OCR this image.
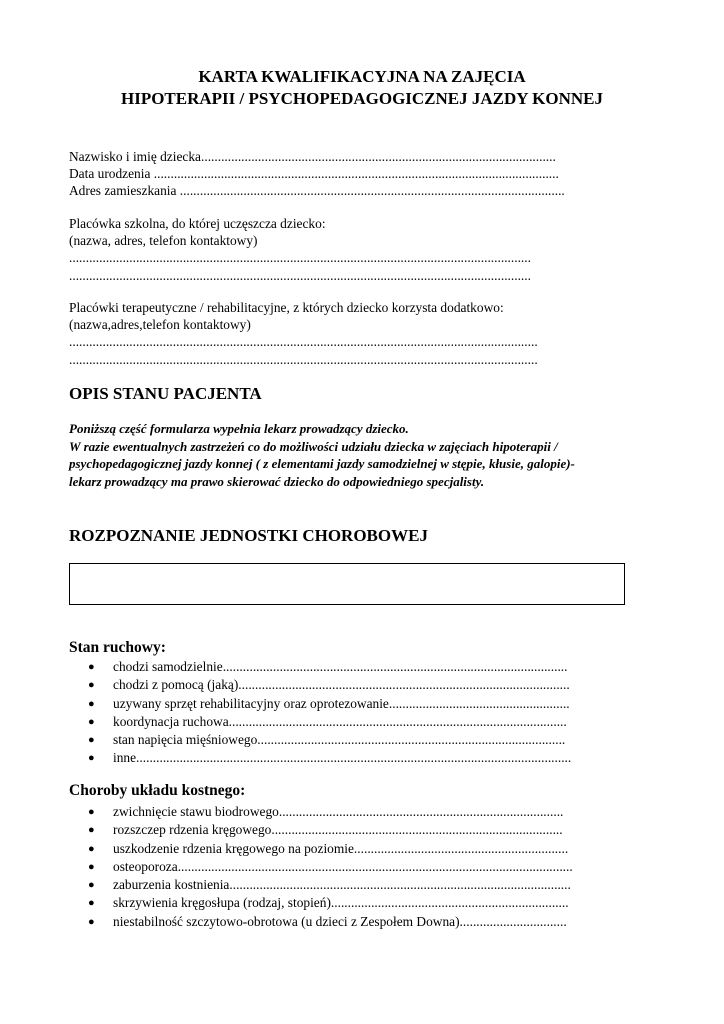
KARTA KWALIFIKACYJNA NA ZAJĘCIA
HIPOTERAPII / PSYCHOPEDAGOGICZNEJ JAZDY KONNEJ
Nazwisko i imię dziecka..........................................................................................................
Data urodzenia .........................................................................................................................
Adres zamieszkania ...................................................................................................................
Placówka szkolna, do której uczęszcza dziecko:
(nazwa, adres, telefon kontaktowy)
..........................................................................................................................................
..........................................................................................................................................
Placówki terapeutyczne / rehabilitacyjne, z których dziecko korzysta dodatkowo:
(nazwa,adres,telefon kontaktowy)
............................................................................................................................................
............................................................................................................................................
OPIS STANU PACJENTA
Poniższą część formularza wypełnia lekarz prowadzący dziecko.
W razie ewentualnych zastrzeżeń co do możliwości udziału dziecka w zajęciach hipoterapii /
psychopedagogicznej jazdy konnej ( z elementami jazdy samodzielnej w stępie, kłusie, galopie)-
lekarz prowadzący ma prawo skierować dziecko do odpowiedniego specjalisty.
ROZPOZNANIE JEDNOSTKI CHOROBOWEJ
Stan ruchowy:
● chodzi samodzielnie.......................................................................................................
● chodzi z pomocą (jaką)...................................................................................................
● uzywany sprzęt rehabilitacyjny oraz oprotezowanie......................................................
● koordynacja ruchowa.....................................................................................................
● stan napięcia mięśniowego............................................................................................
● inne..................................................................................................................................
Choroby układu kostnego:
● zwichnięcie stawu biodrowego.....................................................................................
● rozszczep rdzenia kręgowego.......................................................................................
● uszkodzenie rdzenia kręgowego na poziomie................................................................
● osteoporoza......................................................................................................................
● zaburzenia kostnienia......................................................................................................
● skrzywienia kręgosłupa (rodzaj, stopień).......................................................................
● niestabilność szczytowo-obrotowa (u dzieci z Zespołem Downa)................................
